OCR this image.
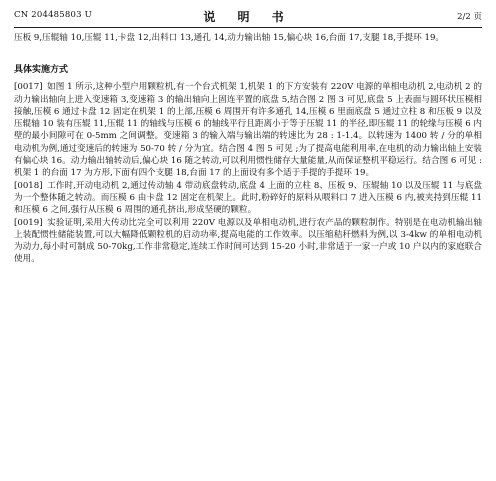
CN 204485803 U	说 明 书	2/2 页

压板 9,压辊轴 10,压辊 11,卡盘 12,出料口 13,通孔 14,动力输出轴 15,偏心块 16,台面 17,支腿 18,手提环 19。

具体实施方式

[0017] 如图 1 所示,这种小型户用颗粒机,有一个台式机架 1,机架 1 的下方安装有 220V 电源的单相电动机 2,电动机 2 的动力输出轴向上进入变速箱 3,变速箱 3 的输出轴向上固连平置的底盘 5,结合图 2 图 3 可见,底盘 5 上表面与圆环状压模相接触,压模 6 通过卡盘 12 固定在机架 1 的上部,压模 6 周围开有许多通孔 14,压模 6 里面底盘 5 通过立柱 8 和压板 9 以及压辊轴 10 装有压辊 11,压辊 11 的轴线与压模 6 的轴线平行且距离小于等于压辊 11 的半径,即压辊 11 的轮缘与压模 6 内壁的最小间隙可在 0-5mm 之间调整。变速箱 3 的输入端与输出端的转速比为 28 : 1-1.4。以转速为 1400 转 / 分的单相电动机为例,通过变速后的转速为 50-70 转 / 分为宜。结合图 4 图 5 可见 ;为了提高电能利用率,在电机的动力输出轴上安装有偏心块 16。动力输出轴转动后,偏心块 16 随之转动,可以利用惯性储存大量能量,从而保证整机平稳运行。结合图 6 可见 :机架 1 的台面 17 为方形,下面有四个支腿 18,台面 17 的上面设有多个适于手提的手提环 19。

[0018] 工作时,开动电动机 2,通过传动轴 4 带动底盘转动,底盘 4 上面的立柱 8、压板 9、压辊轴 10 以及压辊 11 与底盘为一个整体随之转动。而压模 6 由卡盘 12 固定在机架上。此时,粉碎好的原料从喂料口 7 进入压模 6 内,被夹持到压辊 11 和压模 6 之间,强行从压模 6 周围的通孔挤出,形成坚硬的颗粒。

[0019] 实验证明,采用大传动比完全可以利用 220V 电源以及单相电动机,进行农产品的颗粒制作。特别是在电动机输出轴上装配惯性储能装置,可以大幅降低颗粒机的启动功率,提高电能的工作效率。以压缩秸秆燃料为例,以 3-4kw 的单相电动机为动力,每小时可制成 50-70kg,工作非常稳定,连续工作时间可达到 15-20 小时,非常适于一家一户或 10 户以内的家庭联合使用。
